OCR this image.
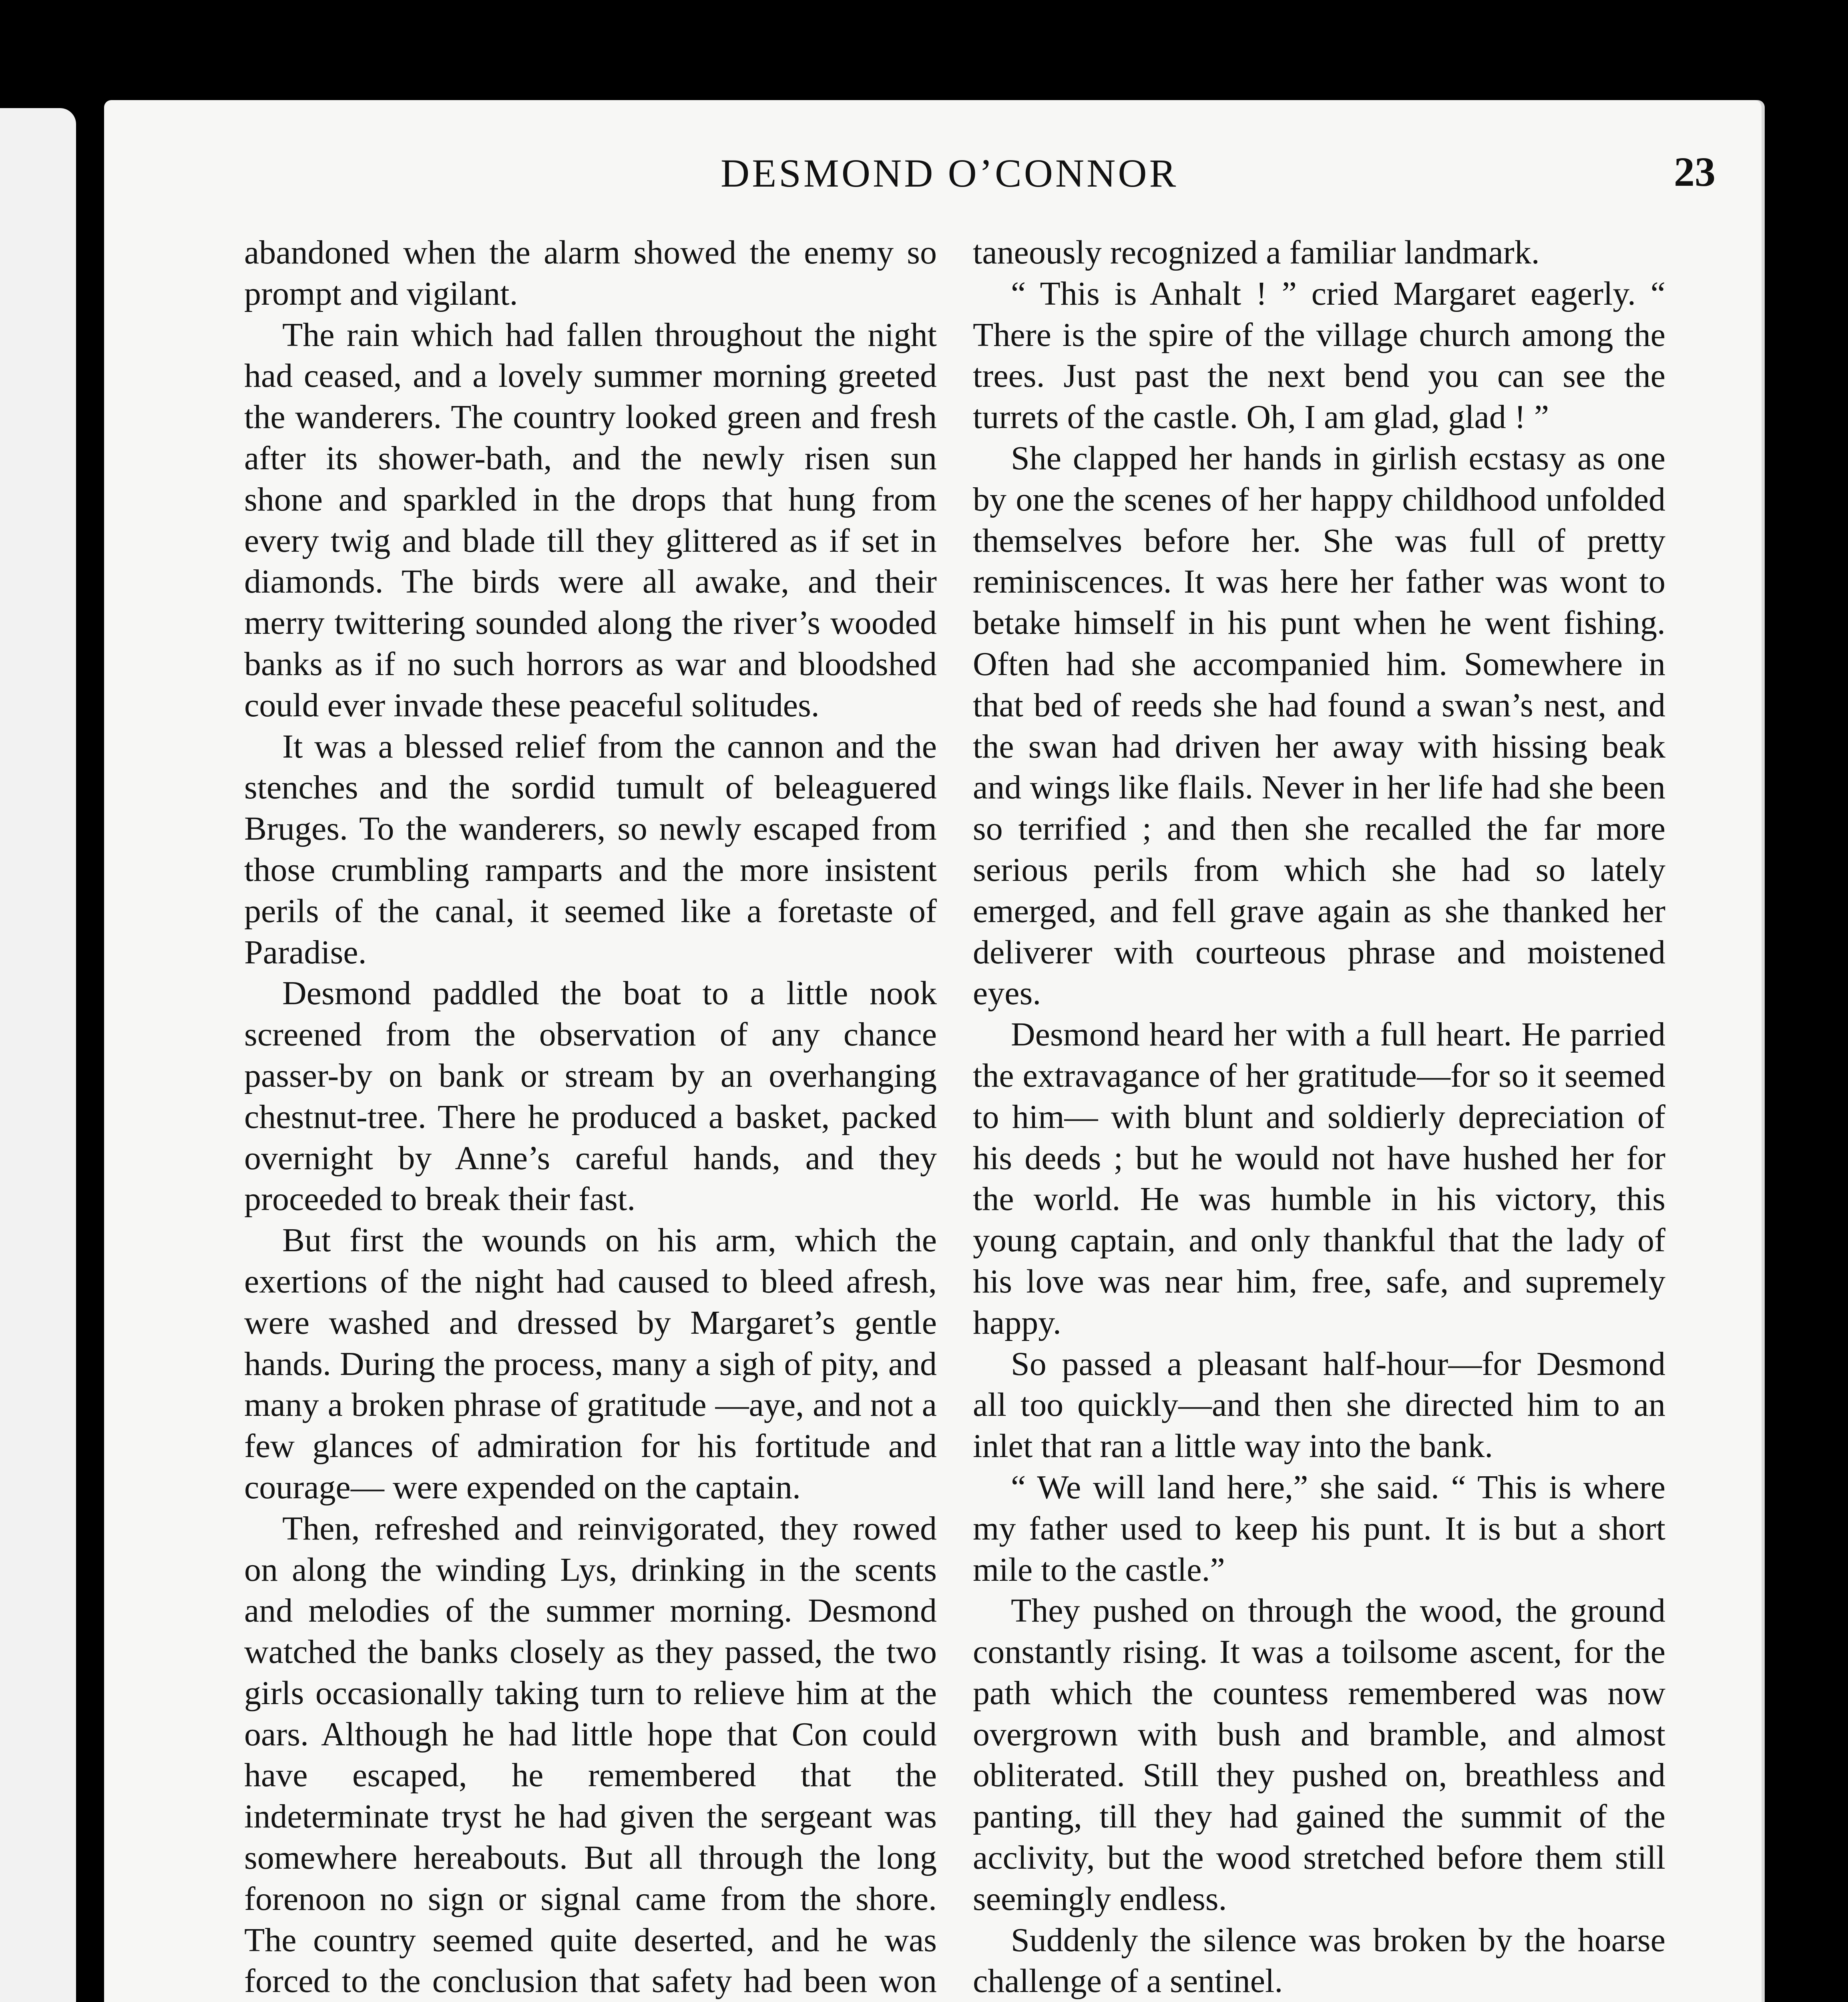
DESMOND O’CONNOR	23

abandoned when the alarm showed the enemy so prompt and vigilant.

The rain which had fallen throughout the night had ceased, and a lovely summer morning greeted the wanderers. The country looked green and fresh after its shower-bath, and the newly risen sun shone and sparkled in the drops that hung from every twig and blade till they glittered as if set in diamonds. The birds were all awake, and their merry twittering sounded along the river’s wooded banks as if no such horrors as war and bloodshed could ever invade these peaceful solitudes.

It was a blessed relief from the cannon and the stenches and the sordid tumult of beleaguered Bruges. To the wanderers, so newly escaped from those crumbling ramparts and the more insistent perils of the canal, it seemed like a foretaste of Paradise.

Desmond paddled the boat to a little nook screened from the observation of any chance passer-by on bank or stream by an overhanging chestnut-tree. There he produced a basket, packed overnight by Anne’s careful hands, and they proceeded to break their fast.

But first the wounds on his arm, which the exertions of the night had caused to bleed afresh, were washed and dressed by Margaret’s gentle hands. During the process, many a sigh of pity, and many a broken phrase of gratitude —aye, and not a few glances of admiration for his fortitude and courage— were expended on the captain.

Then, refreshed and reinvigorated, they rowed on along the winding Lys, drinking in the scents and melodies of the summer morning. Desmond watched the banks closely as they passed, the two girls occasionally taking turn to relieve him at the oars. Although he had little hope that Con could have escaped, he remembered that the indeterminate tryst he had given the sergeant was somewhere hereabouts. But all through the long forenoon no sign or signal came from the shore. The country seemed quite deserted, and he was forced to the conclusion that safety had been won

taneously recognized a familiar landmark.

“ This is Anhalt ! ” cried Margaret eagerly. “ There is the spire of the village church among the trees. Just past the next bend you can see the turrets of the castle. Oh, I am glad, glad ! ”

She clapped her hands in girlish ecstasy as one by one the scenes of her happy childhood unfolded themselves before her. She was full of pretty reminiscences. It was here her father was wont to betake himself in his punt when he went fishing. Often had she accompanied him. Somewhere in that bed of reeds she had found a swan’s nest, and the swan had driven her away with hissing beak and wings like flails. Never in her life had she been so terrified ; and then she recalled the far more serious perils from which she had so lately emerged, and fell grave again as she thanked her deliverer with courteous phrase and moistened eyes.

Desmond heard her with a full heart. He parried the extravagance of her gratitude—for so it seemed to him— with blunt and soldierly depreciation of his deeds ; but he would not have hushed her for the world. He was humble in his victory, this young captain, and only thankful that the lady of his love was near him, free, safe, and supremely happy.

So passed a pleasant half-hour—for Desmond all too quickly—and then she directed him to an inlet that ran a little way into the bank.

“ We will land here,” she said. “ This is where my father used to keep his punt. It is but a short mile to the castle.”

They pushed on through the wood, the ground constantly rising. It was a toilsome ascent, for the path which the countess remembered was now overgrown with bush and bramble, and almost obliterated. Still they pushed on, breathless and panting, till they had gained the summit of the acclivity, but the wood stretched before them still seemingly endless.

Suddenly the silence was broken by the hoarse challenge of a sentinel.
